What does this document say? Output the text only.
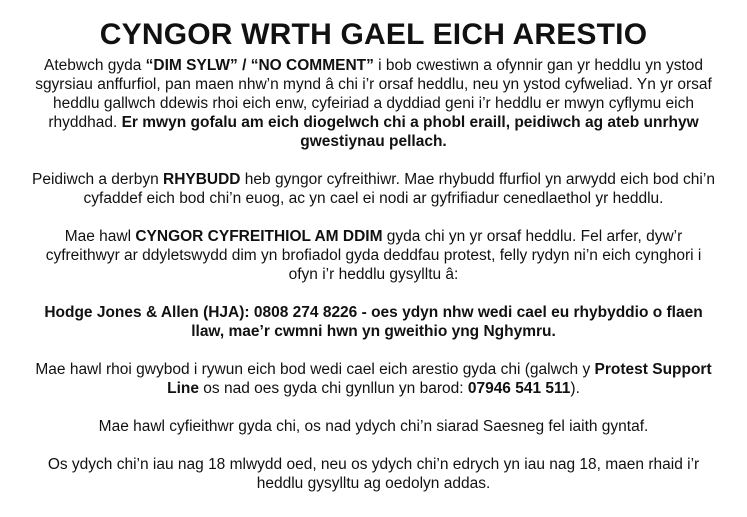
CYNGOR WRTH GAEL EICH ARESTIO

Atebwch gyda “DIM SYLW” / “NO COMMENT” i bob cwestiwn a ofynnir gan yr heddlu yn ystod sgyrsiau anffurfiol, pan maen nhw’n mynd â chi i’r orsaf heddlu, neu yn ystod cyfweliad. Yn yr orsaf heddlu gallwch ddewis rhoi eich enw, cyfeiriad a dyddiad geni i’r heddlu er mwyn cyflymu eich rhyddhad. Er mwyn gofalu am eich diogelwch chi a phobl eraill, peidiwch ag ateb unrhyw gwestiynau pellach.

Peidiwch a derbyn RHYBUDD heb gyngor cyfreithiwr. Mae rhybudd ffurfiol yn arwydd eich bod chi’n cyfaddef eich bod chi’n euog, ac yn cael ei nodi ar gyfrifiadur cenedlaethol yr heddlu.

Mae hawl CYNGOR CYFREITHIOL AM DDIM gyda chi yn yr orsaf heddlu. Fel arfer, dyw’r cyfreithwyr ar ddyletswydd dim yn brofiadol gyda deddfau protest, felly rydyn ni’n eich cynghori i ofyn i’r heddlu gysylltu â:

Hodge Jones & Allen (HJA): 0808 274 8226 - oes ydyn nhw wedi cael eu rhybyddio o flaen llaw, mae’r cwmni hwn yn gweithio yng Nghymru.

Mae hawl rhoi gwybod i rywun eich bod wedi cael eich arestio gyda chi (galwch y Protest Support Line os nad oes gyda chi gynllun yn barod: 07946 541 511).

Mae hawl cyfieithwr gyda chi, os nad ydych chi’n siarad Saesneg fel iaith gyntaf.

Os ydych chi’n iau nag 18 mlwydd oed, neu os ydych chi’n edrych yn iau nag 18, maen rhaid i’r heddlu gysylltu ag oedolyn addas.
